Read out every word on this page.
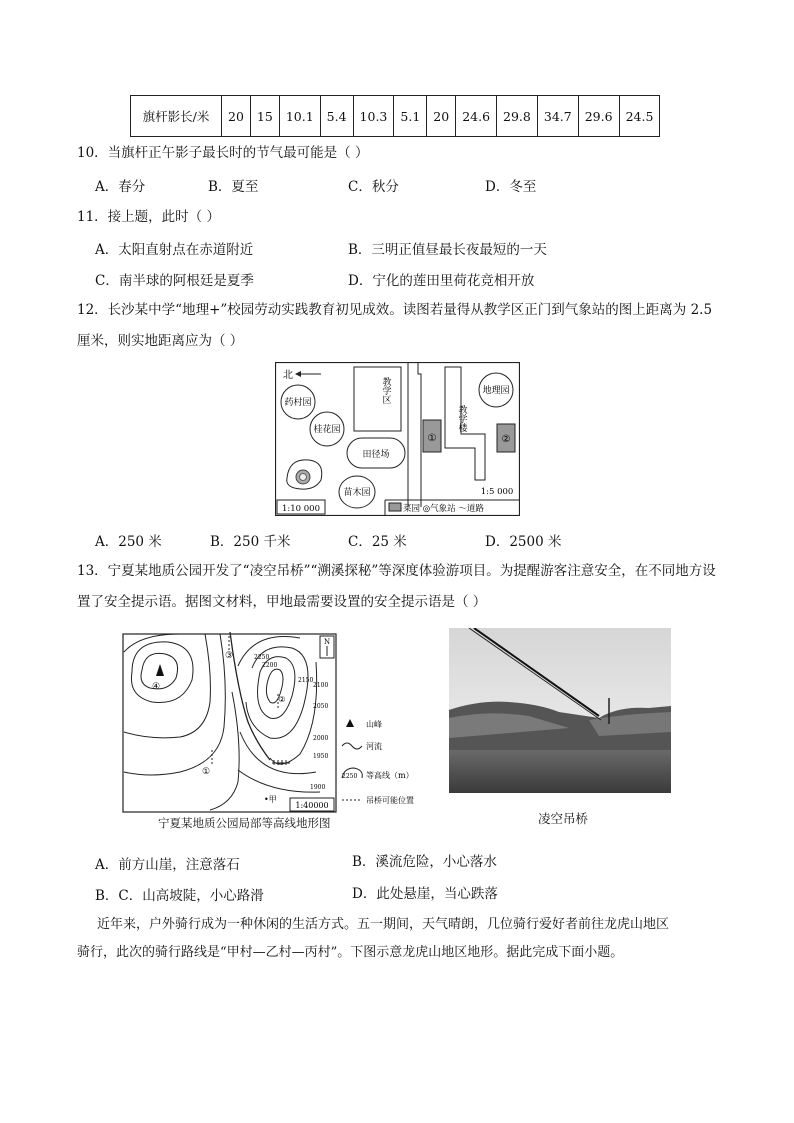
旗杆影长/米	20	15	10.1	5.4	10.3	5.1	20	24.6	29.8	34.7	29.6	24.5
10．当旗杆正午影子最长时的节气最可能是（ ）
A．春分	B．夏至	C．秋分	D．冬至
11．接上题，此时（ ）
A．太阳直射点在赤道附近	B．三明正值昼最长夜最短的一天
C．南半球的阿根廷是夏季	D．宁化的莲田里荷花竞相开放
12．长沙某中学“地理+”校园劳动实践教育初见成效。读图若量得从教学区正门到气象站的图上距离为 2.5
厘米，则实地距离应为（ ）
北
药村园
桂花园
田径场
苗木园
教学区
1:10 000
①
教学楼
地理园
②
1:5 000
菜园 ◎气象站 〜道路
A．250 米	B．250 千米	C．25 米	D．2500 米
13．宁夏某地质公园开发了“凌空吊桥”“溯溪探秘”等深度体验游项目。为提醒游客注意安全，在不同地方设
置了安全提示语。据图文材料，甲地最需要设置的安全提示语是（ ）
N
④
③
②
①
2250
2200
2150
2100
2050
2000
1950
1900
•甲
1:40000
山峰
河流
2250 等高线（m）
吊桥可能位置
宁夏某地质公园局部等高线地形图	凌空吊桥
A．前方山崖，注意落石	B．溪流危险，小心落水
B．C．山高坡陡，小心路滑	D．此处悬崖，当心跌落
近年来，户外骑行成为一种休闲的生活方式。五一期间，天气晴朗，几位骑行爱好者前往龙虎山地区
骑行，此次的骑行路线是“甲村—乙村—丙村”。下图示意龙虎山地区地形。据此完成下面小题。
